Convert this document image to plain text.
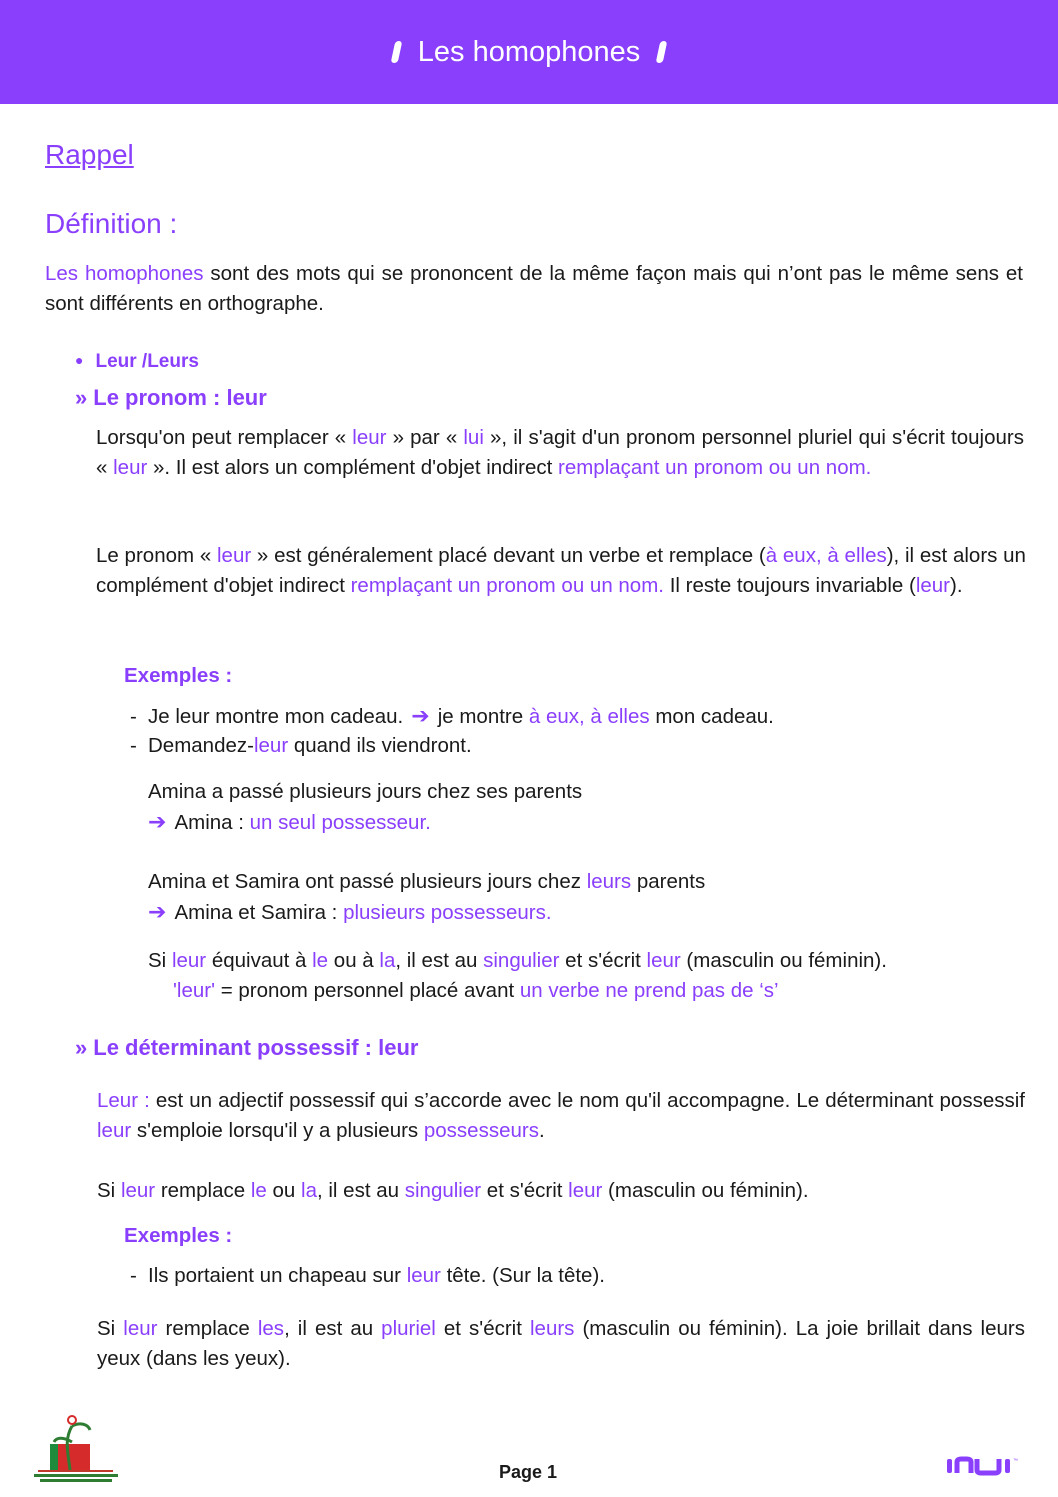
Les homophones
Rappel
Définition :
Les homophones sont des mots qui se prononcent de la même façon mais qui n’ont pas le même sens et sont différents en orthographe.
● Leur /Leurs
» Le pronom : leur
Lorsqu'on peut remplacer « leur » par « lui », il s'agit d'un pronom personnel pluriel qui s'écrit toujours « leur ». Il est alors un complément d'objet indirect remplaçant un pronom ou un nom.
Le pronom « leur » est généralement placé devant un verbe et remplace (à eux, à elles), il est alors un complément d'objet indirect remplaçant un pronom ou un nom. Il reste toujours invariable (leur).
Exemples :
- Je leur montre mon cadeau. ➔ je montre à eux, à elles mon cadeau.
- Demandez-leur quand ils viendront.
Amina a passé plusieurs jours chez ses parents
➔ Amina : un seul possesseur.
Amina et Samira ont passé plusieurs jours chez leurs parents
➔ Amina et Samira : plusieurs possesseurs.
Si leur équivaut à le ou à la, il est au singulier et s'écrit leur (masculin ou féminin).
'leur' = pronom personnel placé avant un verbe ne prend pas de ‘s’
» Le déterminant possessif : leur
Leur : est un adjectif possessif qui s’accorde avec le nom qu'il accompagne. Le déterminant possessif leur s'emploie lorsqu'il y a plusieurs possesseurs.
Si leur remplace le ou la, il est au singulier et s'écrit leur (masculin ou féminin).
Exemples :
- Ils portaient un chapeau sur leur tête. (Sur la tête).
Si leur remplace les, il est au pluriel et s'écrit leurs (masculin ou féminin). La joie brillait dans leurs yeux (dans les yeux).
Page 1
™
